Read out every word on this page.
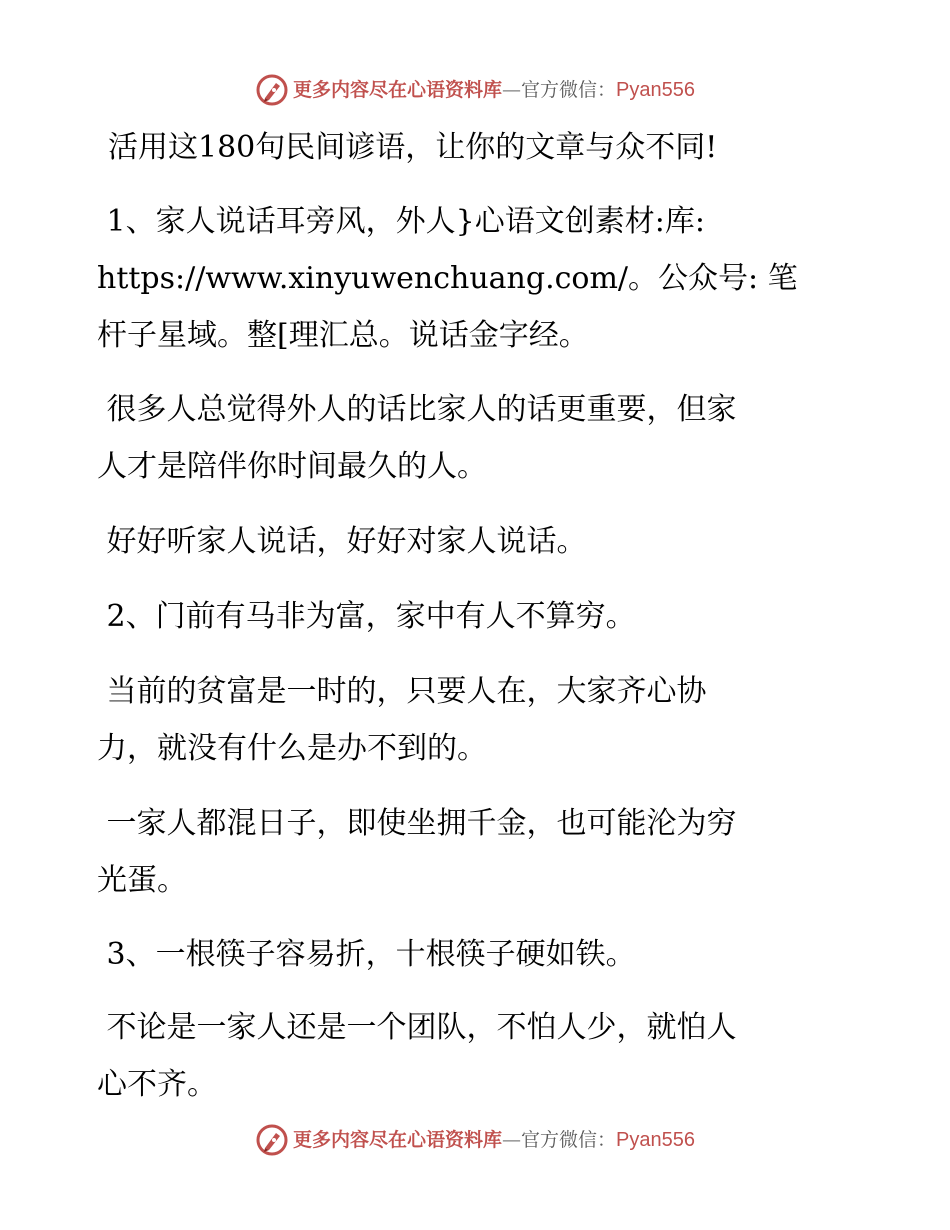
更多内容尽在心语资料库 — 官方微信： Pyan556
活用这180句民间谚语，让你的文章与众不同!
1、家人说话耳旁风，外人}心语文创素材:库:
https://www.xinyuwenchuang.com/。公众号: 笔
杆子星域。整[理汇总。说话金字经。
很多人总觉得外人的话比家人的话更重要，但家
人才是陪伴你时间最久的人。
好好听家人说话，好好对家人说话。
2、门前有马非为富，家中有人不算穷。
当前的贫富是一时的，只要人在，大家齐心协
力，就没有什么是办不到的。
一家人都混日子，即使坐拥千金，也可能沦为穷
光蛋。
3、一根筷子容易折，十根筷子硬如铁。
不论是一家人还是一个团队，不怕人少，就怕人
心不齐。
更多内容尽在心语资料库 — 官方微信： Pyan556
